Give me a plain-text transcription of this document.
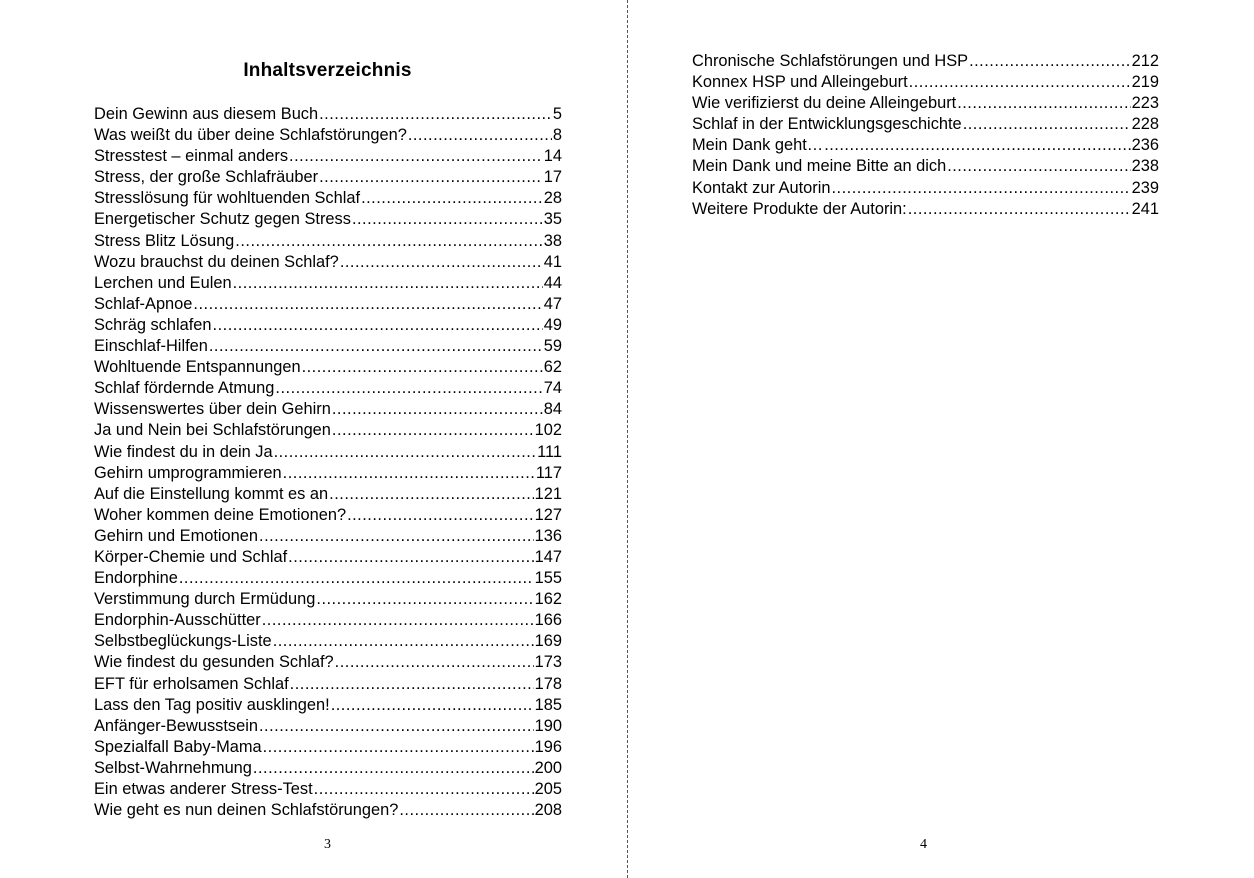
Inhaltsverzeichnis
Dein Gewinn aus diesem Buch .....	5
Was weißt du über deine Schlafstörungen? .....	8
Stresstest – einmal anders .....	14
Stress, der große Schlafräuber .....	17
Stresslösung für wohltuenden Schlaf .....	28
Energetischer Schutz gegen Stress .....	35
Stress Blitz Lösung .....	38
Wozu brauchst du deinen Schlaf? .....	41
Lerchen und Eulen .....	44
Schlaf-Apnoe .....	47
Schräg schlafen .....	49
Einschlaf-Hilfen .....	59
Wohltuende Entspannungen .....	62
Schlaf fördernde Atmung .....	74
Wissenswertes über dein Gehirn .....	84
Ja und Nein bei Schlafstörungen .....	102
Wie findest du in dein Ja .....	111
Gehirn umprogrammieren .....	117
Auf die Einstellung kommt es an .....	121
Woher kommen deine Emotionen? .....	127
Gehirn und Emotionen .....	136
Körper-Chemie und Schlaf .....	147
Endorphine .....	155
Verstimmung durch Ermüdung .....	162
Endorphin-Ausschütter .....	166
Selbstbeglückungs-Liste .....	169
Wie findest du gesunden Schlaf? .....	173
EFT für erholsamen Schlaf .....	178
Lass den Tag positiv ausklingen! .....	185
Anfänger-Bewusstsein .....	190
Spezialfall Baby-Mama .....	196
Selbst-Wahrnehmung .....	200
Ein etwas anderer Stress-Test .....	205
Wie geht es nun deinen Schlafstörungen? .....	208
3
Chronische Schlafstörungen und HSP .....	212
Konnex HSP und Alleingeburt .....	219
Wie verifizierst du deine Alleingeburt .....	223
Schlaf in der Entwicklungsgeschichte .....	228
Mein Dank geht… .....	236
Mein Dank und meine Bitte an dich .....	238
Kontakt zur Autorin .....	239
Weitere Produkte der Autorin: .....	241
4
